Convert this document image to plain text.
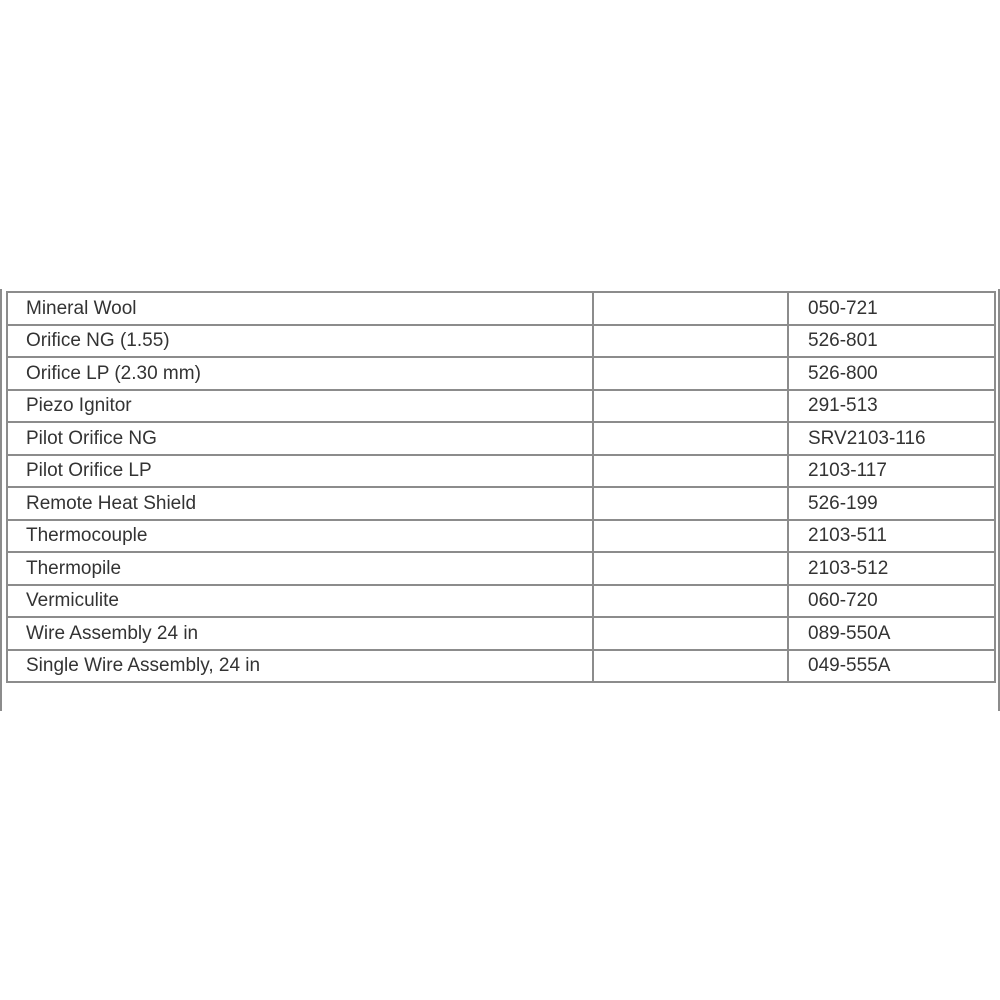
Mineral Wool		050-721
Orifice NG (1.55)		526-801
Orifice LP (2.30 mm)		526-800
Piezo Ignitor		291-513
Pilot Orifice NG		SRV2103-116
Pilot Orifice LP		2103-117
Remote Heat Shield		526-199
Thermocouple		2103-511
Thermopile		2103-512
Vermiculite		060-720
Wire Assembly 24 in		089-550A
Single Wire Assembly, 24 in		049-555A
